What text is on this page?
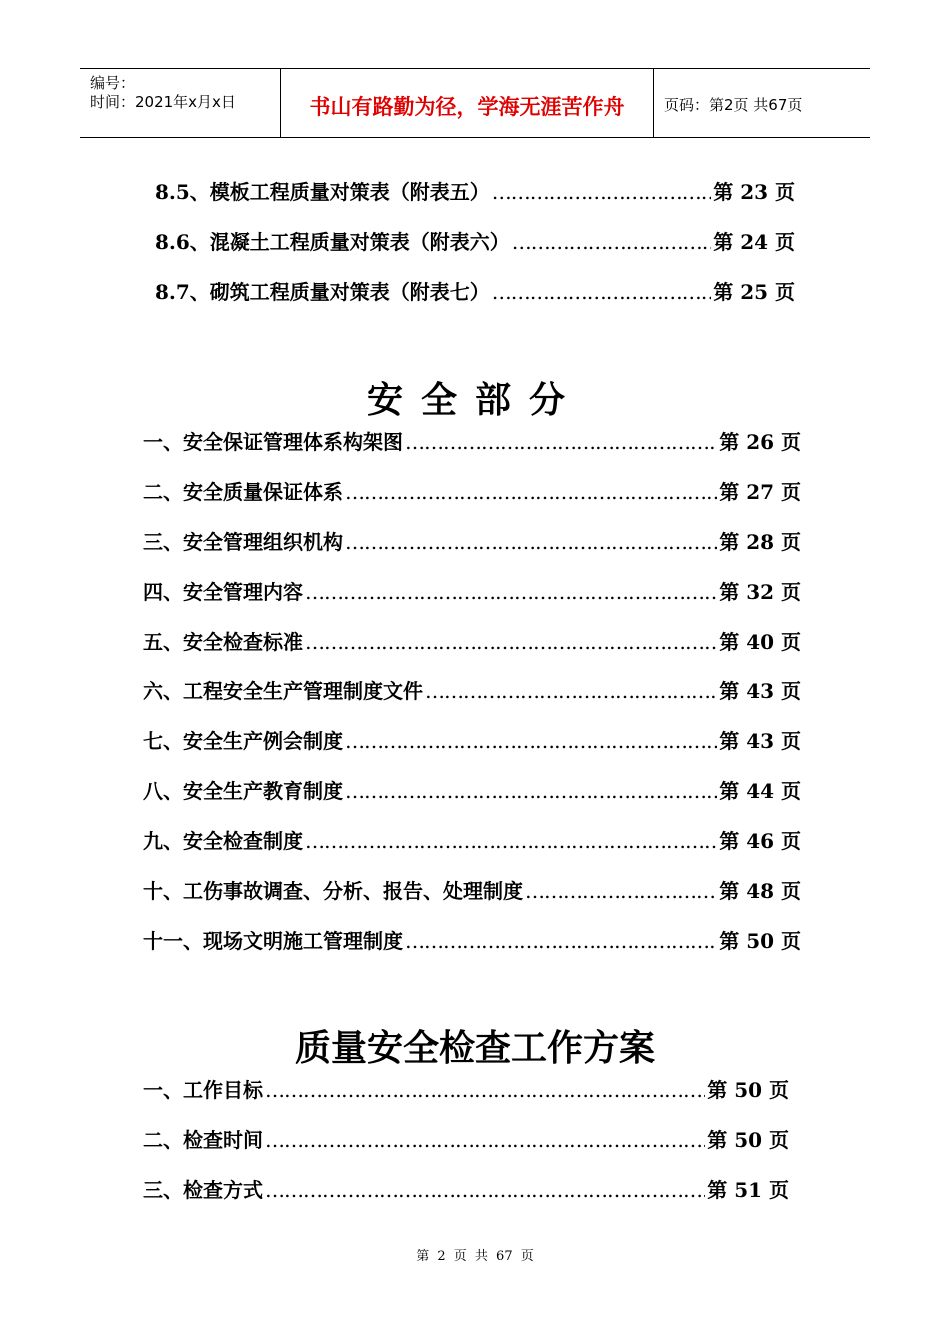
编号：
时间：2021年x月x日	书山有路勤为径，学海无涯苦作舟	页码：第2页 共67页
8.5、模板工程质量对策表（附表五） ……………………………………………………………………………………………………………………………………………………………	第 23 页
8.6、混凝土工程质量对策表（附表六） ……………………………………………………………………………………………………………………………………………………………	第 24 页
8.7、砌筑工程质量对策表（附表七） ……………………………………………………………………………………………………………………………………………………………	第 25 页
安全部分
一、安全保证管理体系构架图 ……………………………………………………………………………………………………………………………………………………………	第 26 页
二、安全质量保证体系 ……………………………………………………………………………………………………………………………………………………………	第 27 页
三、安全管理组织机构 ……………………………………………………………………………………………………………………………………………………………	第 28 页
四、安全管理内容 ……………………………………………………………………………………………………………………………………………………………	第 32 页
五、安全检查标准 ……………………………………………………………………………………………………………………………………………………………	第 40 页
六、工程安全生产管理制度文件 ……………………………………………………………………………………………………………………………………………………………	第 43 页
七、安全生产例会制度 ……………………………………………………………………………………………………………………………………………………………	第 43 页
八、安全生产教育制度 ……………………………………………………………………………………………………………………………………………………………	第 44 页
九、安全检查制度 ……………………………………………………………………………………………………………………………………………………………	第 46 页
十、工伤事故调查、分析、报告、处理制度 ……………………………………………………………………………………………………………………………………………………………	第 48 页
十一、现场文明施工管理制度 ……………………………………………………………………………………………………………………………………………………………	第 50 页
质量安全检查工作方案
一、工作目标 ……………………………………………………………………………………………………………………………………………………………	第 50 页
二、检查时间 ……………………………………………………………………………………………………………………………………………………………	第 50 页
三、检查方式 ……………………………………………………………………………………………………………………………………………………………	第 51 页
第 2 页 共 67 页
